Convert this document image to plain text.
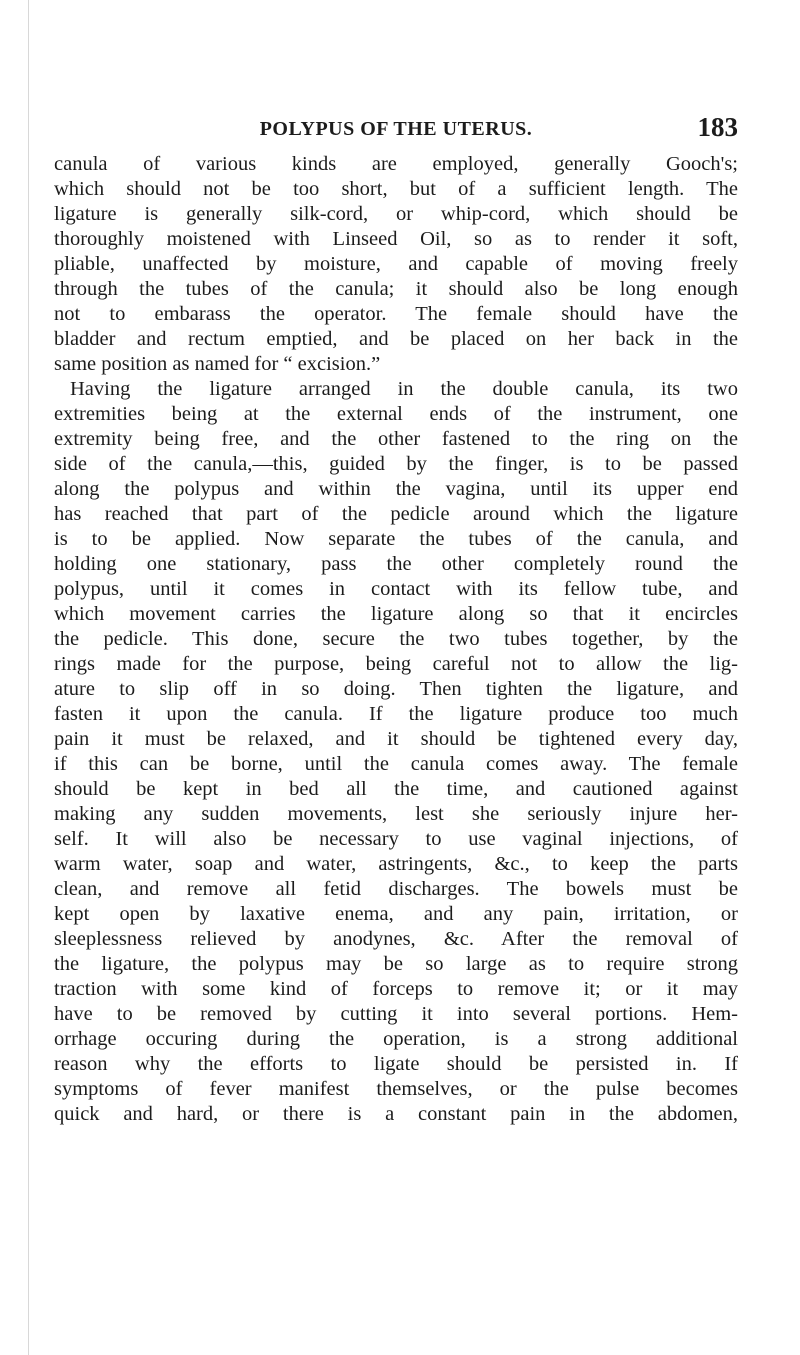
POLYPUS OF THE UTERUS.	183
canula of various kinds are employed, generally Gooch's;
which should not be too short, but of a sufficient length. The
ligature is generally silk-cord, or whip-cord, which should be
thoroughly moistened with Linseed Oil, so as to render it soft,
pliable, unaffected by moisture, and capable of moving freely
through the tubes of the canula; it should also be long enough
not to embarass the operator. The female should have the
bladder and rectum emptied, and be placed on her back in the
same position as named for “ excision.”
Having the ligature arranged in the double canula, its two
extremities being at the external ends of the instrument, one
extremity being free, and the other fastened to the ring on the
side of the canula,—this, guided by the finger, is to be passed
along the polypus and within the vagina, until its upper end
has reached that part of the pedicle around which the ligature
is to be applied. Now separate the tubes of the canula, and
holding one stationary, pass the other completely round the
polypus, until it comes in contact with its fellow tube, and
which movement carries the ligature along so that it encircles
the pedicle. This done, secure the two tubes together, by the
rings made for the purpose, being careful not to allow the lig-
ature to slip off in so doing. Then tighten the ligature, and
fasten it upon the canula. If the ligature produce too much
pain it must be relaxed, and it should be tightened every day,
if this can be borne, until the canula comes away. The female
should be kept in bed all the time, and cautioned against
making any sudden movements, lest she seriously injure her-
self. It will also be necessary to use vaginal injections, of
warm water, soap and water, astringents, &c., to keep the parts
clean, and remove all fetid discharges. The bowels must be
kept open by laxative enema, and any pain, irritation, or
sleeplessness relieved by anodynes, &c. After the removal of
the ligature, the polypus may be so large as to require strong
traction with some kind of forceps to remove it; or it may
have to be removed by cutting it into several portions. Hem-
orrhage occuring during the operation, is a strong additional
reason why the efforts to ligate should be persisted in. If
symptoms of fever manifest themselves, or the pulse becomes
quick and hard, or there is a constant pain in the abdomen,
